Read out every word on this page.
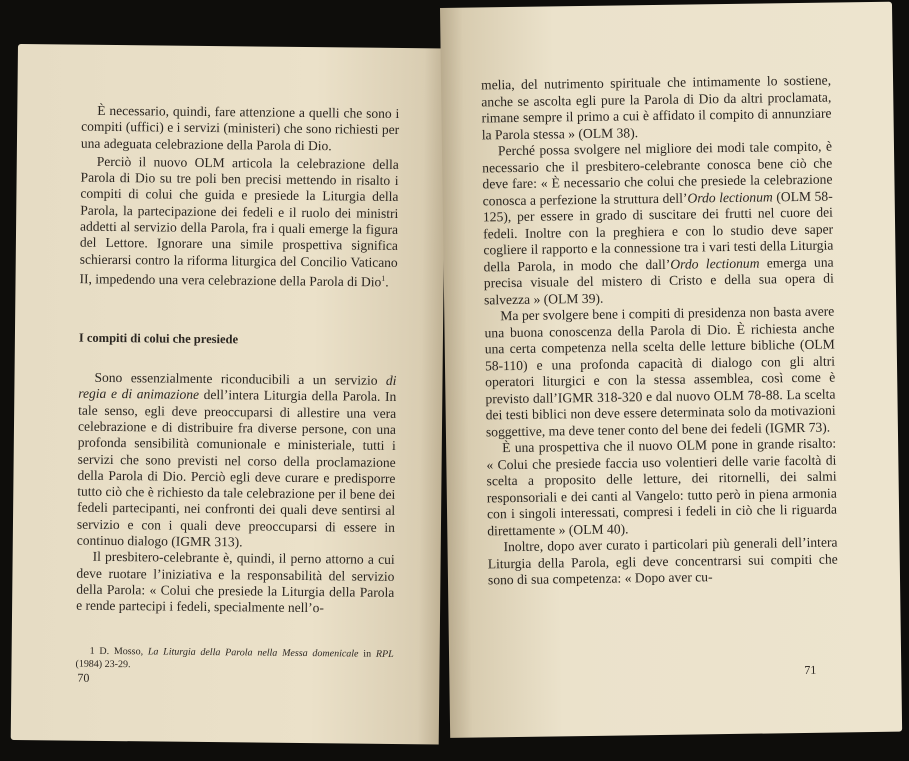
È necessario, quindi, fare attenzione a quelli che sono i compiti (uffici) e i servizi (ministeri) che sono richiesti per una adeguata celebrazione della Parola di Dio.

Perciò il nuovo OLM articola la celebrazione della Parola di Dio su tre poli ben precisi mettendo in risalto i compiti di colui che guida e presiede la Liturgia della Parola, la partecipazione dei fedeli e il ruolo dei ministri addetti al servizio della Parola, fra i quali emerge la figura del Lettore. Ignorare una simile prospettiva significa schierarsi contro la riforma liturgica del Concilio Vaticano II, impedendo una vera celebrazione della Parola di Dio$^1$.

I compiti di colui che presiede

Sono essenzialmente riconducibili a un servizio di regia e di animazione dell’intera Liturgia della Parola. In tale senso, egli deve preoccuparsi di allestire una vera celebrazione e di distribuire fra diverse persone, con una profonda sensibilità comunionale e ministeriale, tutti i servizi che sono previsti nel corso della proclamazione della Parola di Dio. Perciò egli deve curare e predisporre tutto ciò che è richiesto da tale celebrazione per il bene dei fedeli partecipanti, nei confronti dei quali deve sentirsi al servizio e con i quali deve preoccuparsi di essere in continuo dialogo (IGMR 313).

Il presbitero-celebrante è, quindi, il perno attorno a cui deve ruotare l’iniziativa e la responsabilità del servizio della Parola: « Colui che presiede la Liturgia della Parola e rende partecipi i fedeli, specialmente nell’o-

1 D. Mosso, La Liturgia della Parola nella Messa domenicale in RPL (1984) 23-29.

70

melia, del nutrimento spirituale che intimamente lo sostiene, anche se ascolta egli pure la Parola di Dio da altri proclamata, rimane sempre il primo a cui è affidato il compito di annunziare la Parola stessa » (OLM 38).

Perché possa svolgere nel migliore dei modi tale compito, è necessario che il presbitero-celebrante conosca bene ciò che deve fare: « È necessario che colui che presiede la celebrazione conosca a perfezione la struttura dell’Ordo lectionum (OLM 58-125), per essere in grado di suscitare dei frutti nel cuore dei fedeli. Inoltre con la preghiera e con lo studio deve saper cogliere il rapporto e la connessione tra i vari testi della Liturgia della Parola, in modo che dall’Ordo lectionum emerga una precisa visuale del mistero di Cristo e della sua opera di salvezza » (OLM 39).

Ma per svolgere bene i compiti di presidenza non basta avere una buona conoscenza della Parola di Dio. È richiesta anche una certa competenza nella scelta delle letture bibliche (OLM 58-110) e una profonda capacità di dialogo con gli altri operatori liturgici e con la stessa assemblea, così come è previsto dall’IGMR 318-320 e dal nuovo OLM 78-88. La scelta dei testi biblici non deve essere determinata solo da motivazioni soggettive, ma deve tener conto del bene dei fedeli (IGMR 73).

È una prospettiva che il nuovo OLM pone in grande risalto: « Colui che presiede faccia uso volentieri delle varie facoltà di scelta a proposito delle letture, dei ritornelli, dei salmi responsoriali e dei canti al Vangelo: tutto però in piena armonia con i singoli interessati, compresi i fedeli in ciò che li riguarda direttamente » (OLM 40).

Inoltre, dopo aver curato i particolari più generali dell’intera Liturgia della Parola, egli deve concentrarsi sui compiti che sono di sua competenza: « Dopo aver cu-

71
